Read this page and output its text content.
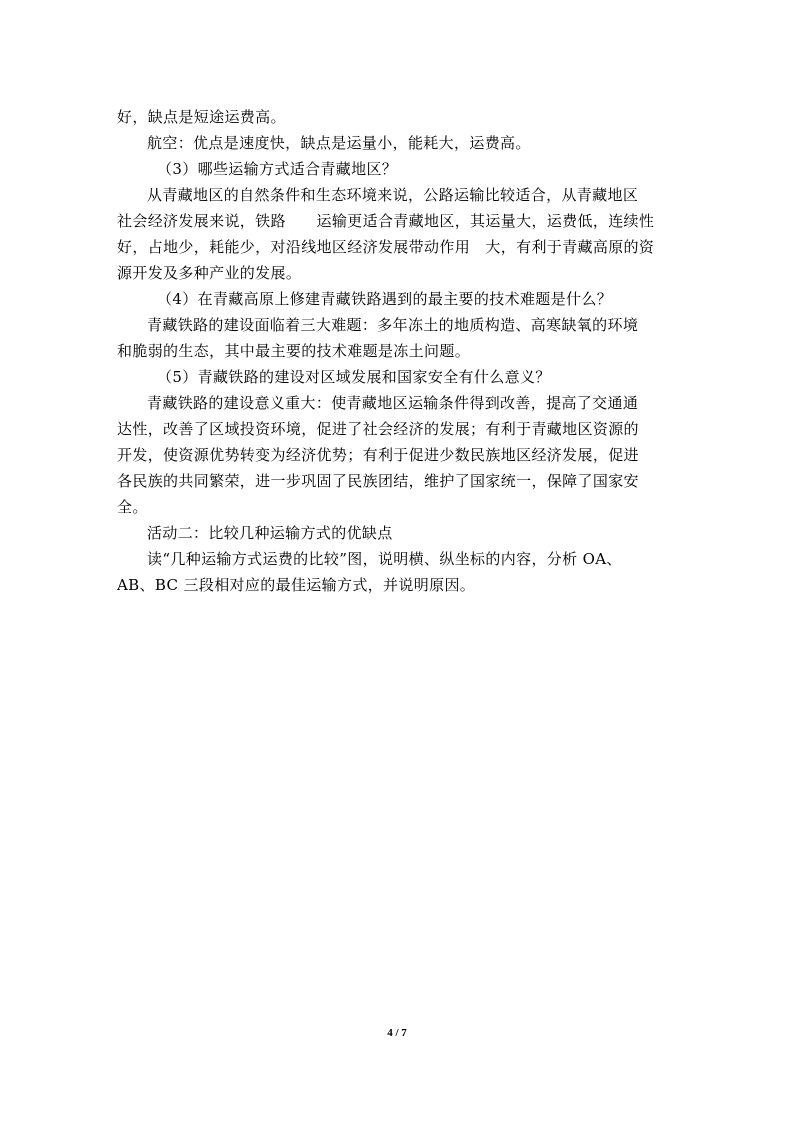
好，缺点是短途运费高。

航空：优点是速度快，缺点是运量小，能耗大，运费高。

（3）哪些运输方式适合青藏地区？

从青藏地区的自然条件和生态环境来说，公路运输比较适合，从青藏地区
社会经济发展来说，铁路　　运输更适合青藏地区，其运量大，运费低，连续性
好，占地少，耗能少，对沿线地区经济发展带动作用　大，有利于青藏高原的资
源开发及多种产业的发展。

（4）在青藏高原上修建青藏铁路遇到的最主要的技术难题是什么？

青藏铁路的建设面临着三大难题：多年冻土的地质构造、高寒缺氧的环境
和脆弱的生态，其中最主要的技术难题是冻土问题。

（5）青藏铁路的建设对区域发展和国家安全有什么意义？

青藏铁路的建设意义重大：使青藏地区运输条件得到改善，提高了交通通
达性，改善了区域投资环境，促进了社会经济的发展；有利于青藏地区资源的
开发，使资源优势转变为经济优势；有利于促进少数民族地区经济发展，促进
各民族的共同繁荣，进一步巩固了民族团结，维护了国家统一，保障了国家安
全。

活动二：比较几种运输方式的优缺点

读“几种运输方式运费的比较”图，说明横、纵坐标的内容，分析 OA、
AB、BC 三段相对应的最佳运输方式，并说明原因。

4 / 7
